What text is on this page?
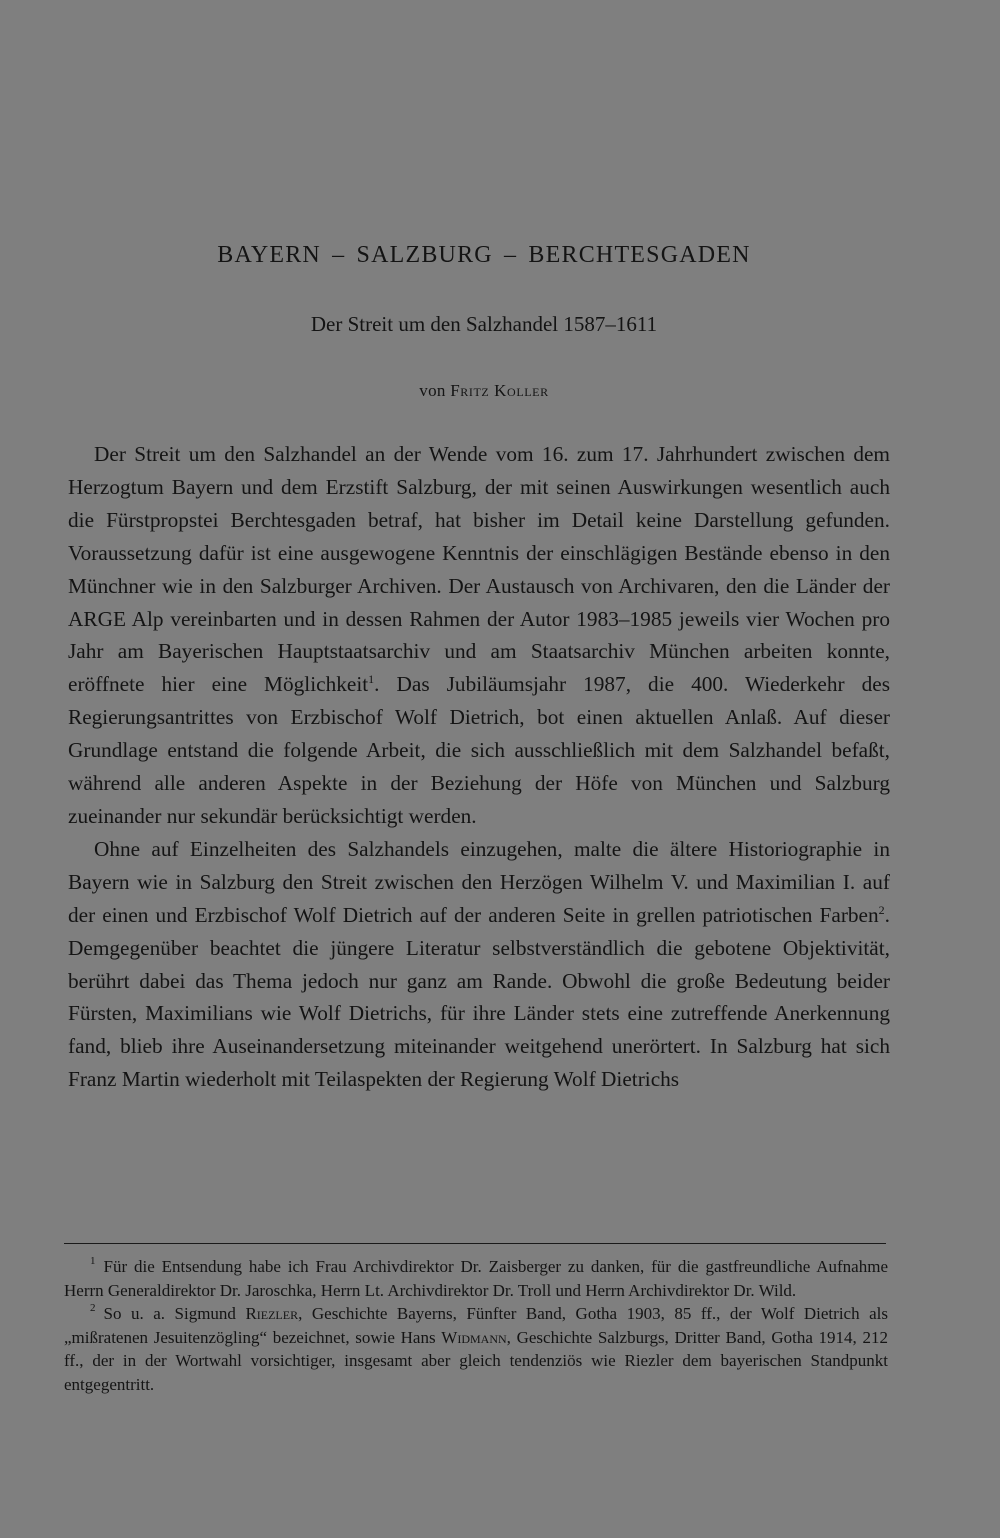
BAYERN – SALZBURG – BERCHTESGADEN
Der Streit um den Salzhandel 1587–1611
von Fritz Koller

Der Streit um den Salzhandel an der Wende vom 16. zum 17. Jahrhundert zwischen dem Herzogtum Bayern und dem Erzstift Salzburg, der mit seinen Auswirkungen wesentlich auch die Fürstpropstei Berchtesgaden betraf, hat bisher im Detail keine Darstellung gefunden. Voraussetzung dafür ist eine ausgewogene Kenntnis der einschlägigen Bestände ebenso in den Münchner wie in den Salzburger Archiven. Der Austausch von Archivaren, den die Länder der ARGE Alp vereinbarten und in dessen Rahmen der Autor 1983–1985 jeweils vier Wochen pro Jahr am Bayerischen Hauptstaatsarchiv und am Staatsarchiv München arbeiten konnte, eröffnete hier eine Möglichkeit$^1$. Das Jubiläumsjahr 1987, die 400. Wiederkehr des Regierungsantrittes von Erzbischof Wolf Dietrich, bot einen aktuellen Anlaß. Auf dieser Grundlage entstand die folgende Arbeit, die sich ausschließlich mit dem Salzhandel befaßt, während alle anderen Aspekte in der Beziehung der Höfe von München und Salzburg zueinander nur sekundär berücksichtigt werden.

Ohne auf Einzelheiten des Salzhandels einzugehen, malte die ältere Historiographie in Bayern wie in Salzburg den Streit zwischen den Herzögen Wilhelm V. und Maximilian I. auf der einen und Erzbischof Wolf Dietrich auf der anderen Seite in grellen patriotischen Farben$^2$. Demgegenüber beachtet die jüngere Literatur selbstverständlich die gebotene Objektivität, berührt dabei das Thema jedoch nur ganz am Rande. Obwohl die große Bedeutung beider Fürsten, Maximilians wie Wolf Dietrichs, für ihre Länder stets eine zutreffende Anerkennung fand, blieb ihre Auseinandersetzung miteinander weitgehend unerörtert. In Salzburg hat sich Franz Martin wiederholt mit Teilaspekten der Regierung Wolf Dietrichs

$^1$ Für die Entsendung habe ich Frau Archivdirektor Dr. Zaisberger zu danken, für die gastfreundliche Aufnahme Herrn Generaldirektor Dr. Jaroschka, Herrn Lt. Archivdirektor Dr. Troll und Herrn Archivdirektor Dr. Wild.

$^2$ So u. a. Sigmund Riezler, Geschichte Bayerns, Fünfter Band, Gotha 1903, 85 ff., der Wolf Dietrich als „mißratenen Jesuitenzögling“ bezeichnet, sowie Hans Widmann, Geschichte Salzburgs, Dritter Band, Gotha 1914, 212 ff., der in der Wortwahl vorsichtiger, insgesamt aber gleich tendenziös wie Riezler dem bayerischen Standpunkt entgegentritt.
